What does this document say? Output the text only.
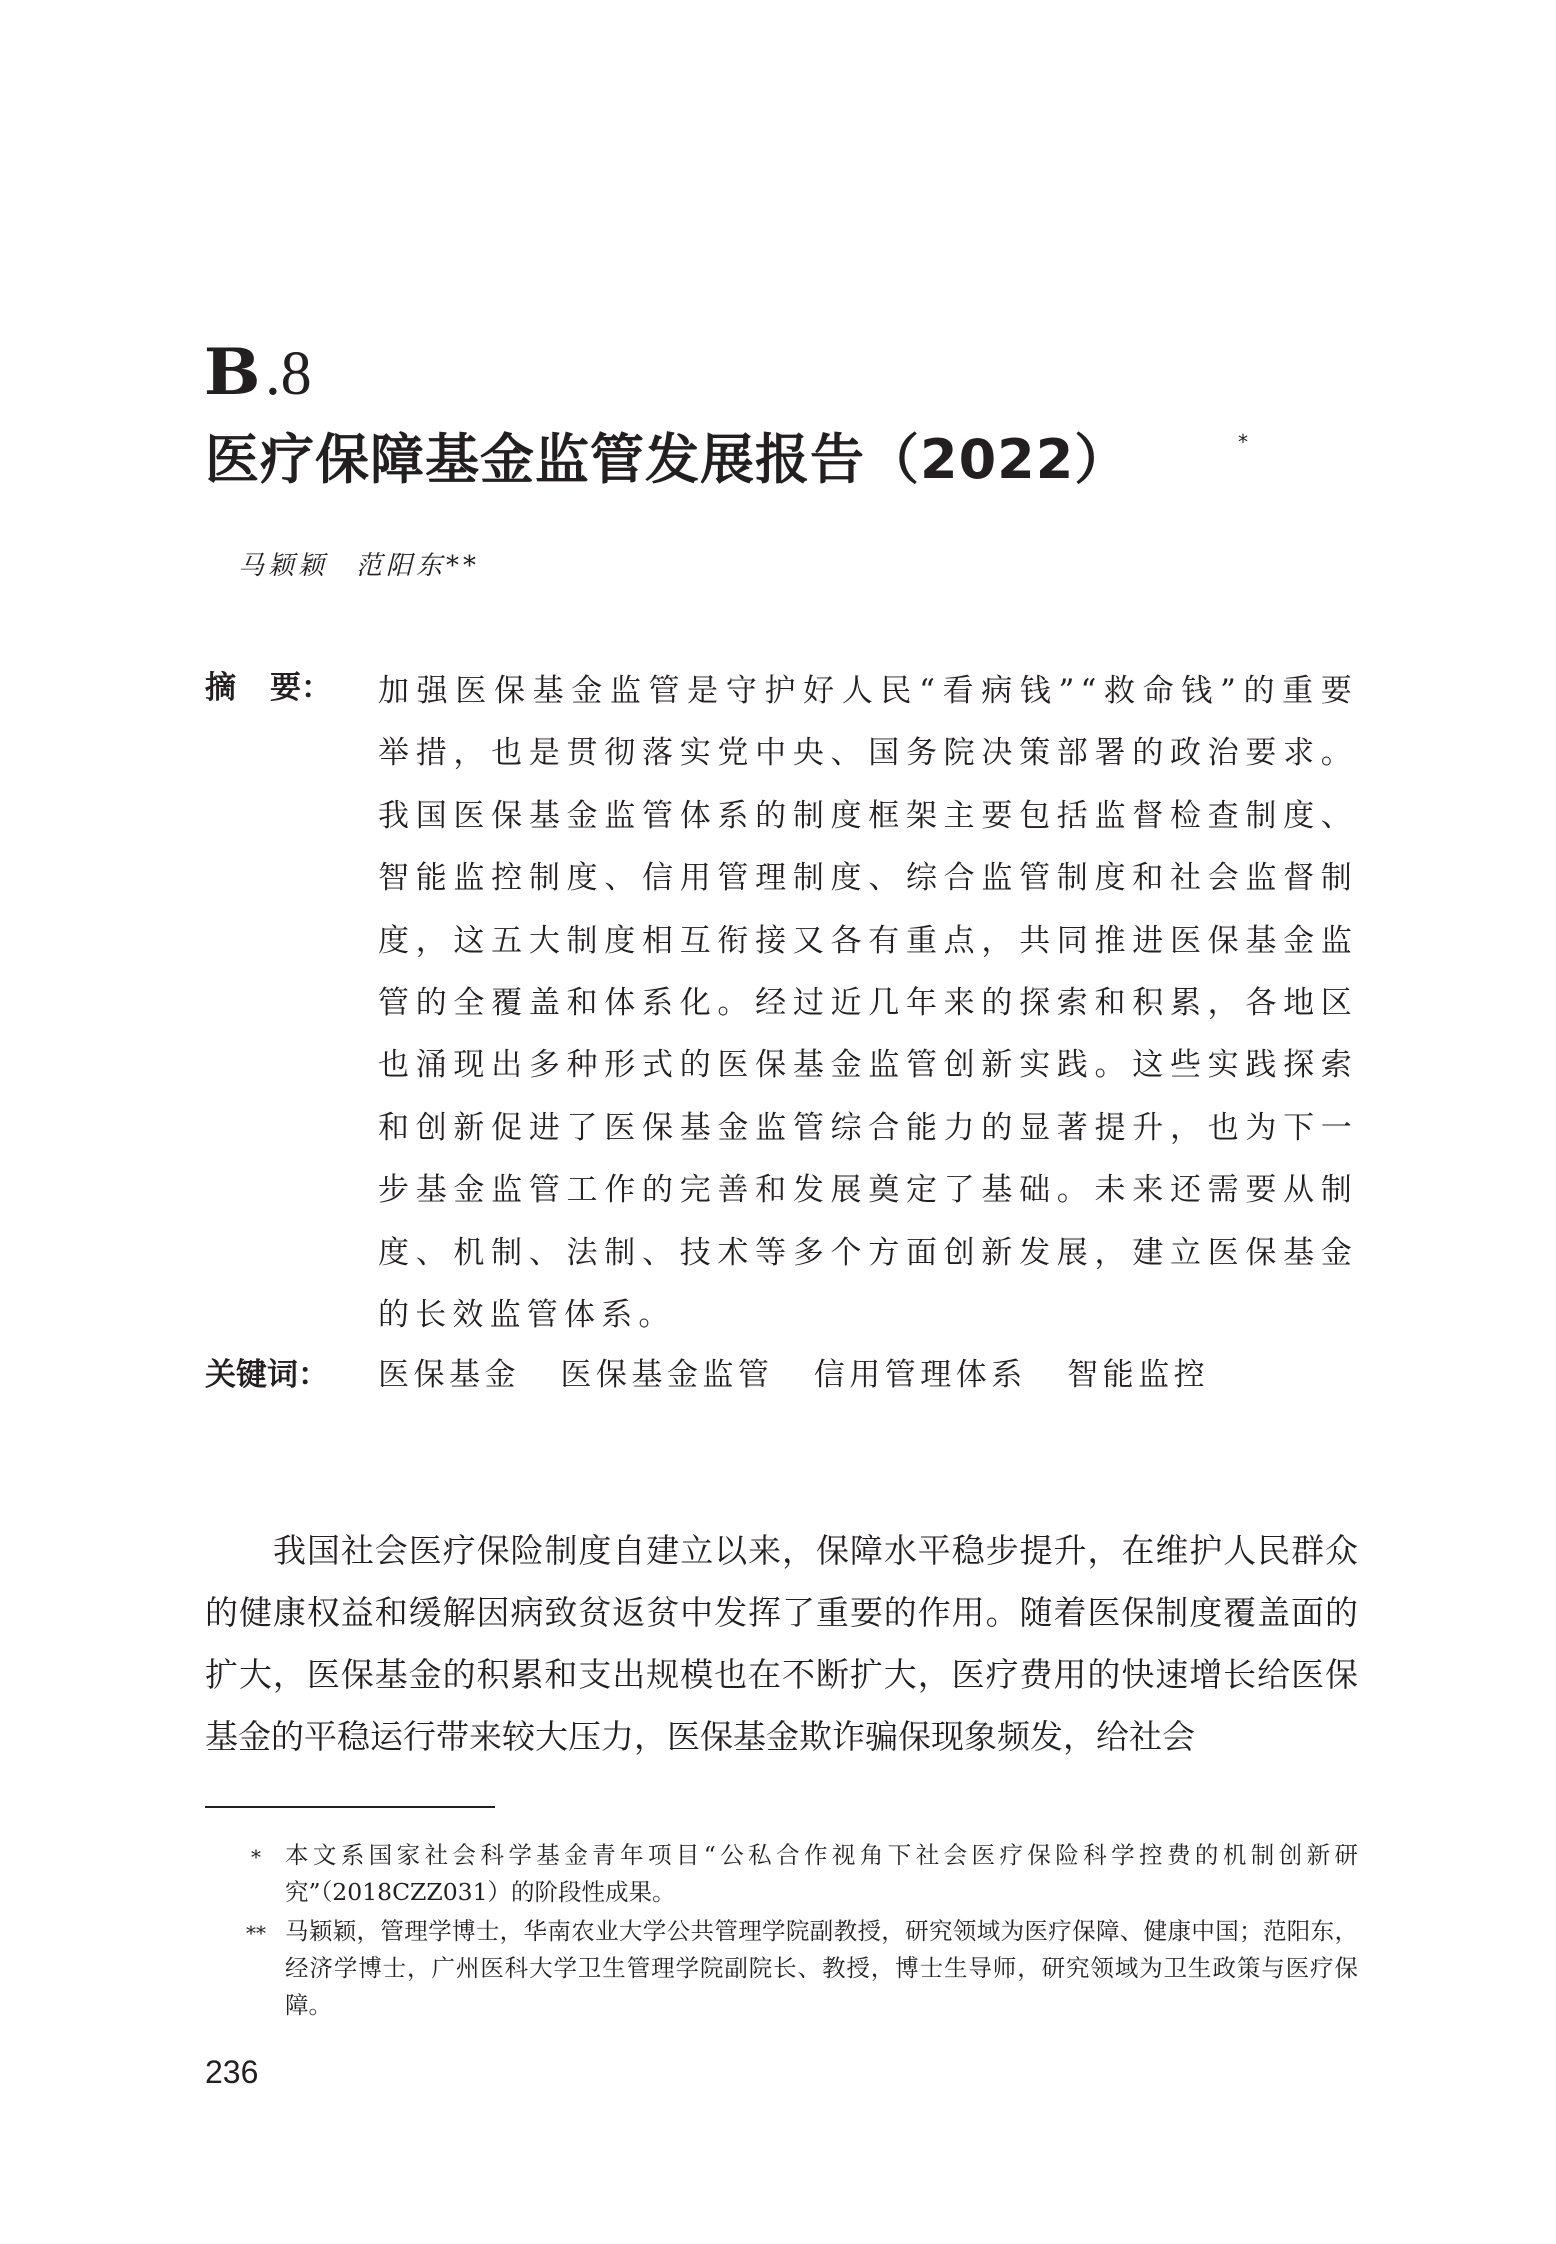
B .8
医疗保障基金监管发展报告（2022）	*
马颖颖 范阳东**
摘 要： 加强医保基金监管是守护好人民“看病钱”“救命钱”的重要举措，也是贯彻落实党中央、国务院决策部署的政治要求。我国医保基金监管体系的制度框架主要包括监督检查制度、智能监控制度、信用管理制度、综合监管制度和社会监督制度，这五大制度相互衔接又各有重点，共同推进医保基金监管的全覆盖和体系化。经过近几年来的探索和积累，各地区也涌现出多种形式的医保基金监管创新实践。这些实践探索和创新促进了医保基金监管综合能力的显著提升，也为下一步基金监管工作的完善和发展奠定了基础。未来还需要从制度、机制、法制、技术等多个方面创新发展，建立医保基金的长效监管体系。
关键词： 医保基金 医保基金监管 信用管理体系 智能监控

我国社会医疗保险制度自建立以来，保障水平稳步提升，在维护人民群众的健康权益和缓解因病致贫返贫中发挥了重要的作用。随着医保制度覆盖面的扩大，医保基金的积累和支出规模也在不断扩大，医疗费用的快速增长给医保基金的平稳运行带来较大压力，医保基金欺诈骗保现象频发，给社会

*	本文系国家社会科学基金青年项目“公私合作视角下社会医疗保险科学控费的机制创新研究”（2018CZZ031）的阶段性成果。
** 马颖颖，管理学博士，华南农业大学公共管理学院副教授，研究领域为医疗保障、健康中国；范阳东，经济学博士，广州医科大学卫生管理学院副院长、教授，博士生导师，研究领域为卫生政策与医疗保障。
236
